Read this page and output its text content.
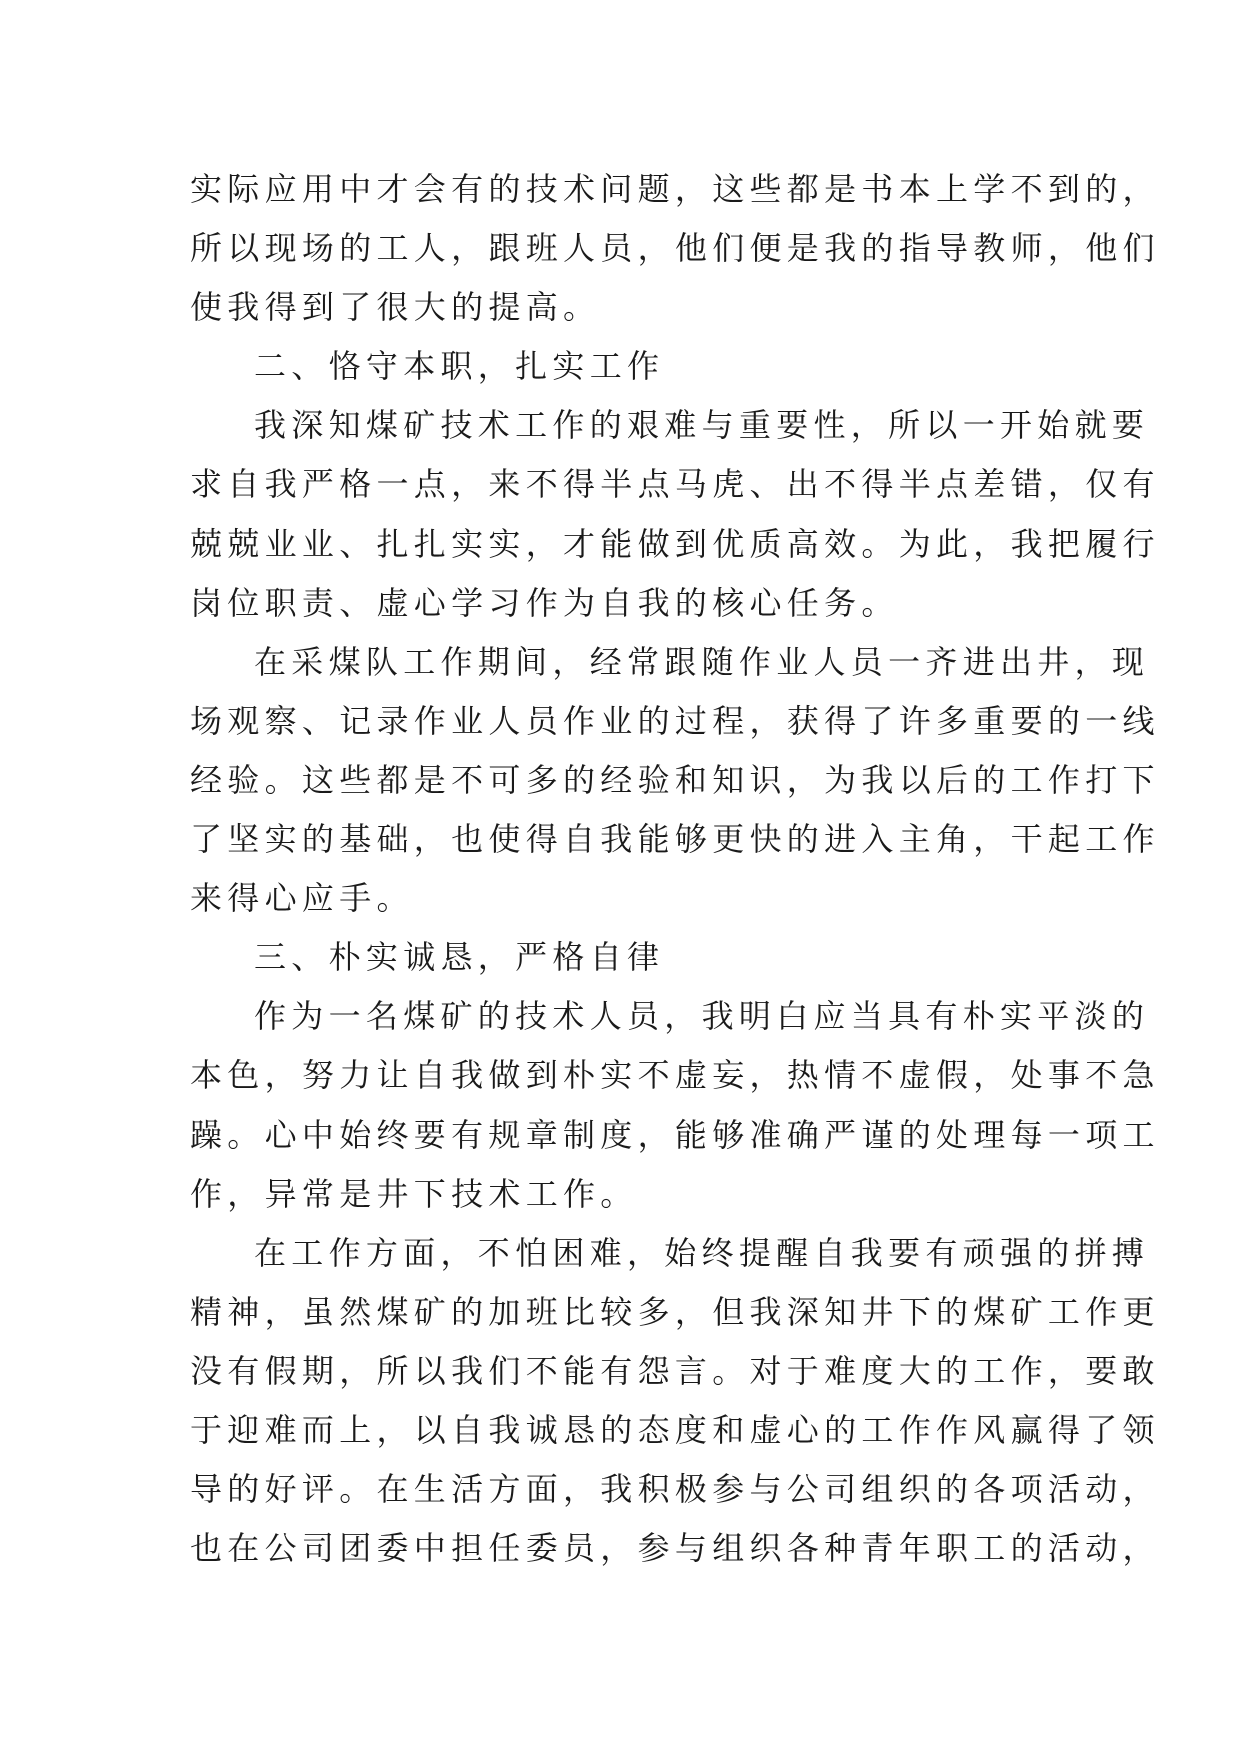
实际应用中才会有的技术问题，这些都是书本上学不到的，
所以现场的工人，跟班人员，他们便是我的指导教师，他们
使我得到了很大的提高。
二、恪守本职，扎实工作
我深知煤矿技术工作的艰难与重要性，所以一开始就要
求自我严格一点，来不得半点马虎、出不得半点差错，仅有
兢兢业业、扎扎实实，才能做到优质高效。为此，我把履行
岗位职责、虚心学习作为自我的核心任务。
在采煤队工作期间，经常跟随作业人员一齐进出井，现
场观察、记录作业人员作业的过程，获得了许多重要的一线
经验。这些都是不可多的经验和知识，为我以后的工作打下
了坚实的基础，也使得自我能够更快的进入主角，干起工作
来得心应手。
三、朴实诚恳，严格自律
作为一名煤矿的技术人员，我明白应当具有朴实平淡的
本色，努力让自我做到朴实不虚妄，热情不虚假，处事不急
躁。心中始终要有规章制度，能够准确严谨的处理每一项工
作，异常是井下技术工作。
在工作方面，不怕困难，始终提醒自我要有顽强的拼搏
精神，虽然煤矿的加班比较多，但我深知井下的煤矿工作更
没有假期，所以我们不能有怨言。对于难度大的工作，要敢
于迎难而上，以自我诚恳的态度和虚心的工作作风赢得了领
导的好评。在生活方面，我积极参与公司组织的各项活动，
也在公司团委中担任委员，参与组织各种青年职工的活动，
